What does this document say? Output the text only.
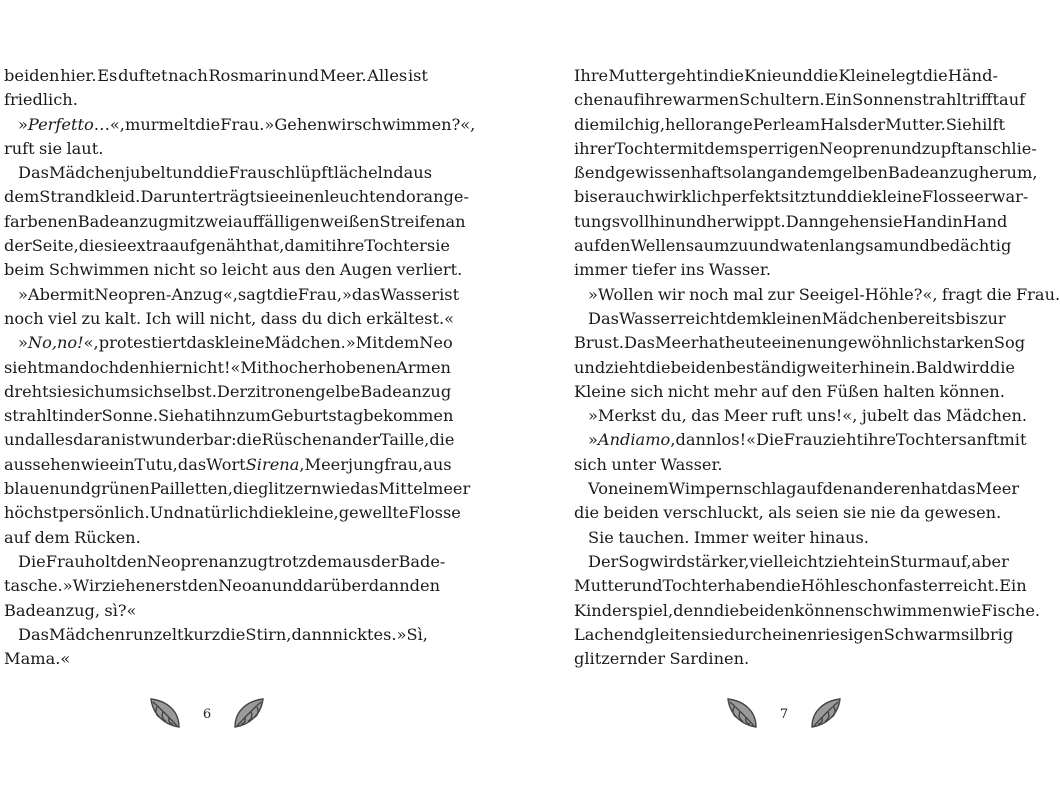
beiden hier. Es duftet nach Rosmarin und Meer. Alles ist
friedlich.
»Perfetto …«, murmelt die Frau. »Gehen wir schwimmen?«,
ruft sie laut.
Das Mädchen jubelt und die Frau schlüpft lächelnd aus
dem Strandkleid. Darunter trägt sie einen leuchtend orange-
farbenen Badeanzug mit zwei auffälligen weißen Streifen an
der Seite, die sie extra aufgenäht hat, damit ihre Tochter sie
beim Schwimmen nicht so leicht aus den Augen verliert.
»Aber mit Neopren-Anzug«, sagt die Frau, »das Wasser ist
noch viel zu kalt. Ich will nicht, dass du dich erkältest.«
»No, no!«, protestiert das kleine Mädchen. »Mit dem Neo
sieht man doch den hier nicht!« Mit hoch erhobenen Armen
dreht sie sich um sich selbst. Der zitronengelbe Badeanzug
strahlt in der Sonne. Sie hat ihn zum Geburtstag bekommen
und alles daran ist wunderbar: die Rüschen an der Taille, die
aussehen wie ein Tutu, das Wort Sirena, Meerjungfrau, aus
blauen und grünen Pailletten, die glitzern wie das Mittelmeer
höchstpersönlich. Und natürlich die kleine, gewellte Flosse
auf dem Rücken.
Die Frau holt den Neoprenanzug trotzdem aus der Bade-
tasche. »Wir ziehen erst den Neo an und darüber dann den
Badeanzug, sì?«
Das Mädchen runzelt kurz die Stirn, dann nickt es. »Sì,
Mama.«
Ihre Mutter geht in die Knie und die Kleine legt die Händ-
chen auf ihre warmen Schultern. Ein Sonnenstrahl trifft auf
die milchig, hellorange Perle am Hals der Mutter. Sie hilft
ihrer Tochter mit dem sperrigen Neopren und zupft anschlie-
ßend gewissenhaft so lang an dem gelben Badeanzug herum,
bis er auch wirklich perfekt sitzt und die kleine Flosse erwar-
tungsvoll hin und her wippt. Dann gehen sie Hand in Hand
auf den Wellensaum zu und waten langsam und bedächtig
immer tiefer ins Wasser.
»Wollen wir noch mal zur Seeigel-Höhle?«, fragt die Frau.
Das Wasser reicht dem kleinen Mädchen bereits bis zur
Brust. Das Meer hat heute einen ungewöhnlich starken Sog
und zieht die beiden beständig weiter hinein. Bald wird die
Kleine sich nicht mehr auf den Füßen halten können.
»Merkst du, das Meer ruft uns!«, jubelt das Mädchen.
»Andiamo, dann los!« Die Frau zieht ihre Tochter sanft mit
sich unter Wasser.
Von einem Wimpernschlag auf den anderen hat das Meer
die beiden verschluckt, als seien sie nie da gewesen.
Sie tauchen. Immer weiter hinaus.
Der Sog wird stärker, vielleicht zieht ein Sturm auf, aber
Mutter und Tochter haben die Höhle schon fast erreicht. Ein
Kinderspiel, denn die beiden können schwimmen wie Fische.
Lachend gleiten sie durch einen riesigen Schwarm silbrig
glitzernder Sardinen.
6	7
